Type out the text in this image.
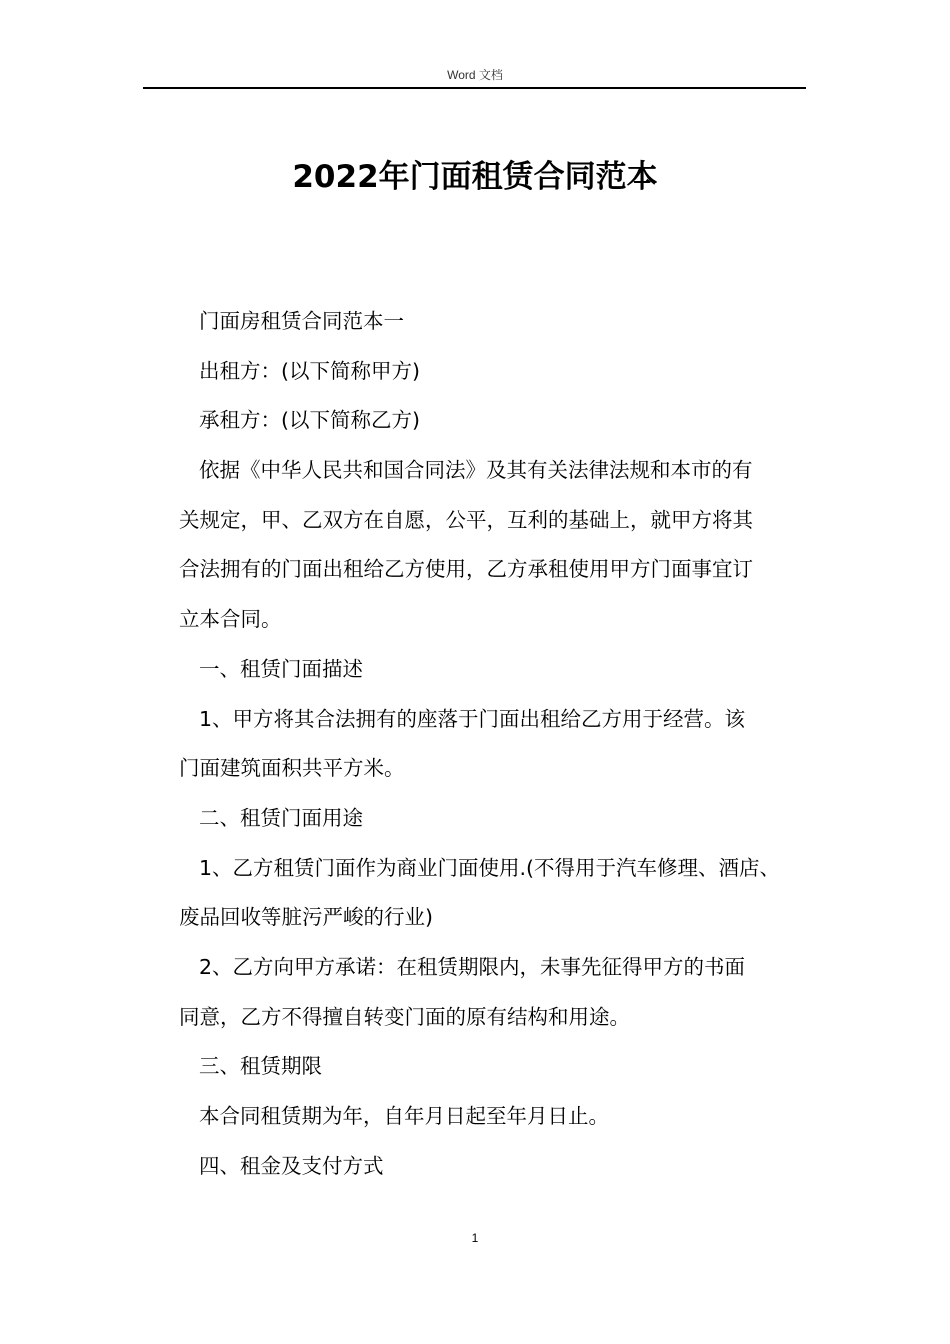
Word 文档
2022年门面租赁合同范本
门面房租赁合同范本一
出租方：(以下简称甲方)
承租方：(以下简称乙方)
依据《中华人民共和国合同法》及其有关法律法规和本市的有
关规定，甲、乙双方在自愿，公平，互利的基础上，就甲方将其
合法拥有的门面出租给乙方使用，乙方承租使用甲方门面事宜订
立本合同。
一、租赁门面描述
1、甲方将其合法拥有的座落于门面出租给乙方用于经营。该
门面建筑面积共平方米。
二、租赁门面用途
1、乙方租赁门面作为商业门面使用.(不得用于汽车修理、酒店、
废品回收等脏污严峻的行业)
2、乙方向甲方承诺：在租赁期限内，未事先征得甲方的书面
同意，乙方不得擅自转变门面的原有结构和用途。
三、租赁期限
本合同租赁期为年，自年月日起至年月日止。
四、租金及支付方式
1
